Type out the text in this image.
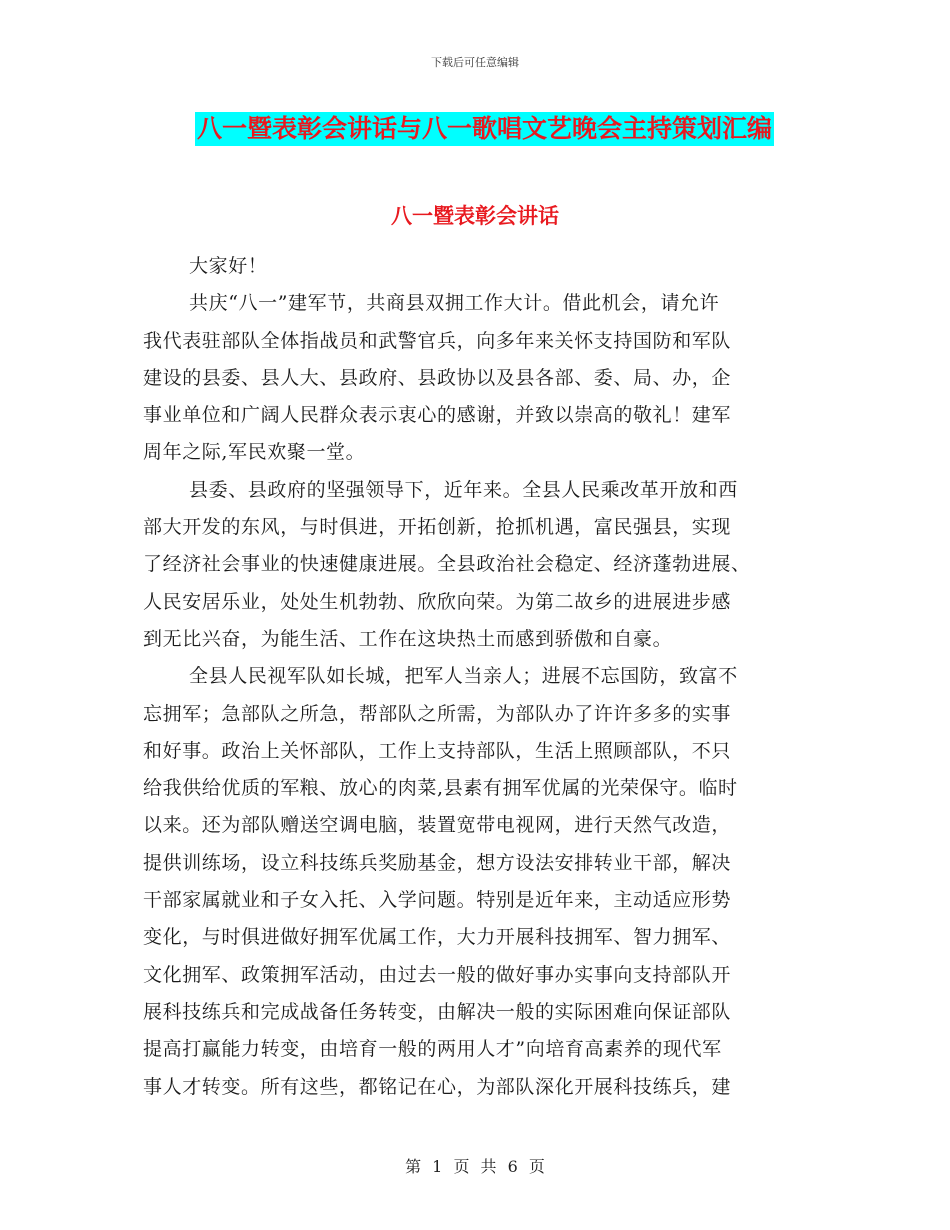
下载后可任意编辑
八一暨表彰会讲话与八一歌唱文艺晚会主持策划汇编
八一暨表彰会讲话
大家好！
共庆“八一”建军节，共商县双拥工作大计。借此机会，请允许
我代表驻部队全体指战员和武警官兵，向多年来关怀支持国防和军队
建设的县委、县人大、县政府、县政协以及县各部、委、局、办，企
事业单位和广阔人民群众表示衷心的感谢，并致以崇高的敬礼！建军
周年之际,军民欢聚一堂。
县委、县政府的坚强领导下，近年来。全县人民乘改革开放和西
部大开发的东风，与时俱进，开拓创新，抢抓机遇，富民强县，实现
了经济社会事业的快速健康进展。全县政治社会稳定、经济蓬勃进展、
人民安居乐业，处处生机勃勃、欣欣向荣。为第二故乡的进展进步感
到无比兴奋，为能生活、工作在这块热土而感到骄傲和自豪。
全县人民视军队如长城，把军人当亲人；进展不忘国防，致富不
忘拥军；急部队之所急，帮部队之所需，为部队办了许许多多的实事
和好事。政治上关怀部队，工作上支持部队，生活上照顾部队，不只
给我供给优质的军粮、放心的肉菜,县素有拥军优属的光荣保守。临时
以来。还为部队赠送空调电脑，装置宽带电视网，进行天然气改造，
提供训练场，设立科技练兵奖励基金，想方设法安排转业干部，解决
干部家属就业和子女入托、入学问题。特别是近年来，主动适应形势
变化，与时俱进做好拥军优属工作，大力开展科技拥军、智力拥军、
文化拥军、政策拥军活动，由过去一般的做好事办实事向支持部队开
展科技练兵和完成战备任务转变，由解决一般的实际困难向保证部队
提高打赢能力转变，由培育一般的两用人才”向培育高素养的现代军
事人才转变。所有这些，都铭记在心，为部队深化开展科技练兵，建
第 1 页 共 6 页
